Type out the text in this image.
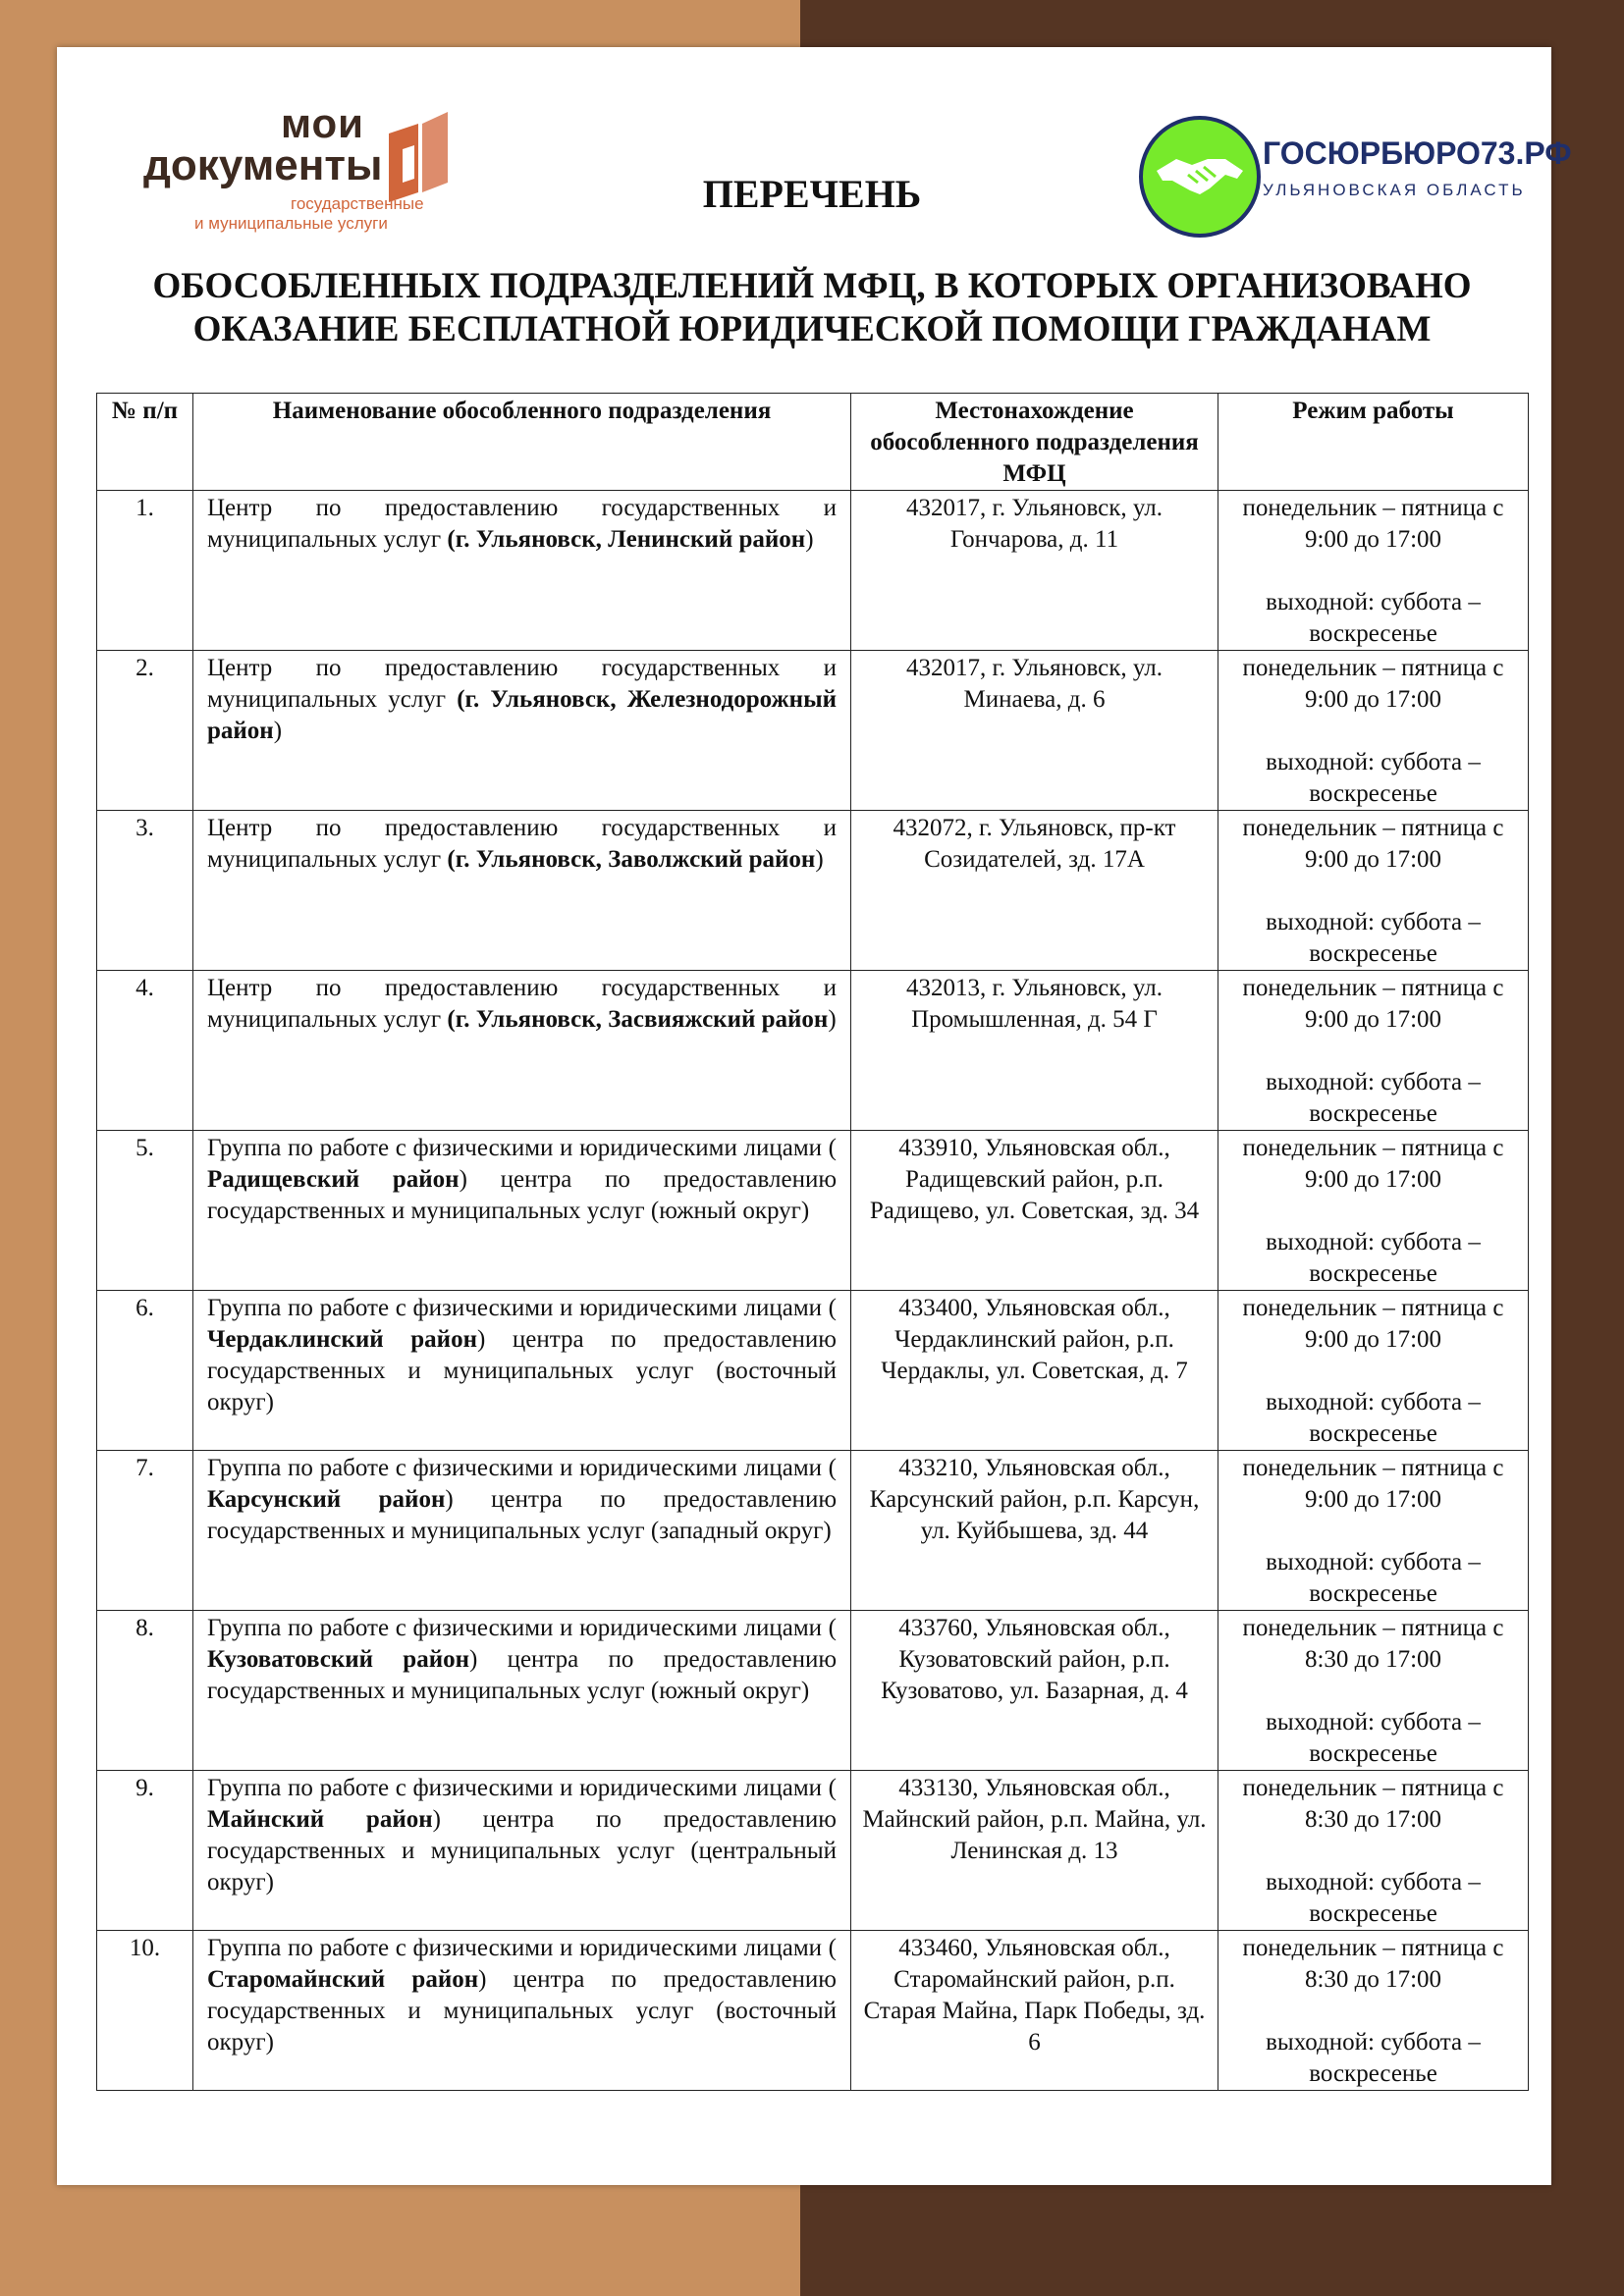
мои
документы
государственные
и муниципальные услуги
ГОСЮРБЮРО73.РФ
УЛЬЯНОВСКАЯ ОБЛАСТЬ
ПЕРЕЧЕНЬ
ОБОСОБЛЕННЫХ ПОДРАЗДЕЛЕНИЙ МФЦ, В КОТОРЫХ ОРГАНИЗОВАНО ОКАЗАНИЕ БЕСПЛАТНОЙ ЮРИДИЧЕСКОЙ ПОМОЩИ ГРАЖДАНАМ
№ п/п	Наименование обособленного подразделения	Местонахождение обособленного подразделения МФЦ	Режим работы
1.	Центр по предоставлению государственных и муниципальных услуг (г. Ульяновск, Ленинский район)	432017, г. Ульяновск, ул. Гончарова, д. 11	понедельник – пятница с 9:00 до 17:00
выходной: суббота – воскресенье

2.	Центр по предоставлению государственных и муниципальных услуг (г. Ульяновск, Железнодорожный район)	432017, г. Ульяновск, ул. Минаева, д. 6	понедельник – пятница с 9:00 до 17:00
выходной: суббота – воскресенье

3.	Центр по предоставлению государственных и муниципальных услуг (г. Ульяновск, Заволжский район)	432072, г. Ульяновск, пр-кт Созидателей, зд. 17А	понедельник – пятница с 9:00 до 17:00
выходной: суббота – воскресенье

4.	Центр по предоставлению государственных и муниципальных услуг (г. Ульяновск, Засвияжский район)	432013, г. Ульяновск, ул. Промышленная, д. 54 Г	понедельник – пятница с 9:00 до 17:00
выходной: суббота – воскресенье

5.	Группа по работе с физическими и юридическими лицами ( Радищевский район) центра по предоставлению государственных и муниципальных услуг (южный округ)	433910, Ульяновская обл., Радищевский район, р.п. Радищево, ул. Советская, зд. 34	понедельник – пятница с 9:00 до 17:00
выходной: суббота – воскресенье

6.	Группа по работе с физическими и юридическими лицами ( Чердаклинский район) центра по предоставлению государственных и муниципальных услуг (восточный округ)	433400, Ульяновская обл., Чердаклинский район, р.п. Чердаклы, ул. Советская, д. 7	понедельник – пятница с 9:00 до 17:00
выходной: суббота – воскресенье

7.	Группа по работе с физическими и юридическими лицами ( Карсунский район) центра по предоставлению государственных и муниципальных услуг (западный округ)	433210, Ульяновская обл., Карсунский район, р.п. Карсун, ул. Куйбышева, зд. 44	понедельник – пятница с 9:00 до 17:00
выходной: суббота – воскресенье

8.	Группа по работе с физическими и юридическими лицами ( Кузоватовский район) центра по предоставлению государственных и муниципальных услуг (южный округ)	433760, Ульяновская обл., Кузоватовский район, р.п. Кузоватово, ул. Базарная, д. 4	понедельник – пятница с 8:30 до 17:00
выходной: суббота – воскресенье

9.	Группа по работе с физическими и юридическими лицами ( Майнский район) центра по предоставлению государственных и муниципальных услуг (центральный округ)	433130, Ульяновская обл., Майнский район, р.п. Майна, ул. Ленинская д. 13	понедельник – пятница с 8:30 до 17:00
выходной: суббота – воскресенье

10.	Группа по работе с физическими и юридическими лицами ( Старомайнский район) центра по предоставлению государственных и муниципальных услуг (восточный округ)	433460, Ульяновская обл., Старомайнский район, р.п. Старая Майна, Парк Победы, зд. 6	понедельник – пятница с 8:30 до 17:00
выходной: суббота – воскресенье
